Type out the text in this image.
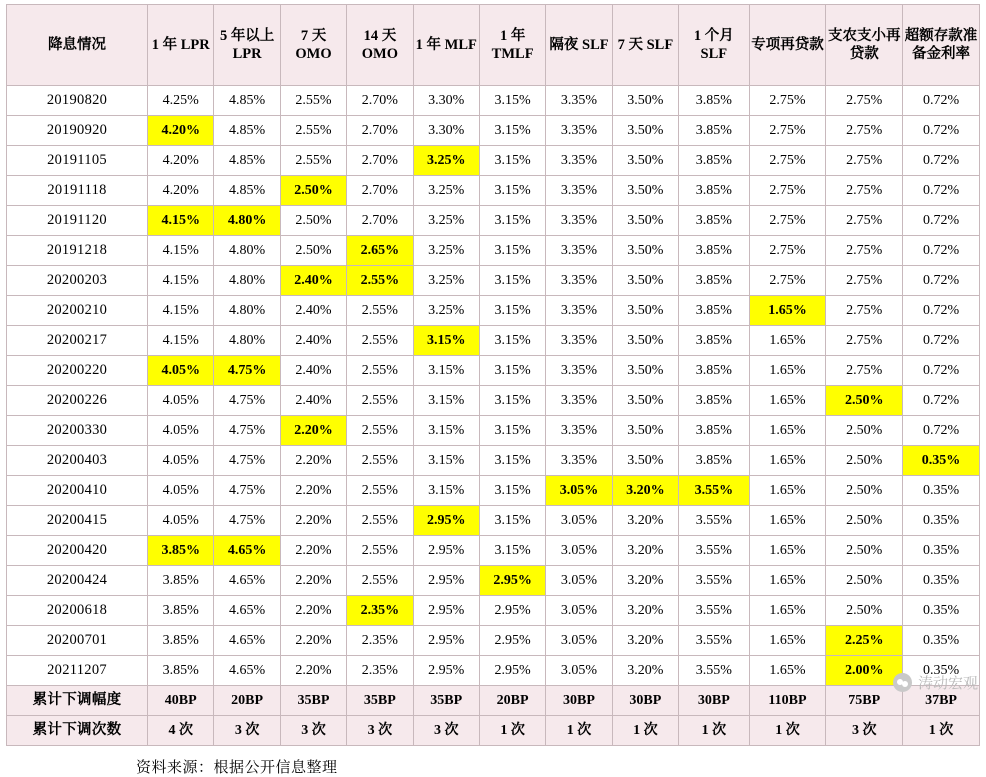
降息情况	1 年 LPR	5 年以上 LPR	7 天 OMO	14 天 OMO	1 年 MLF	1 年 TMLF	隔夜 SLF	7 天 SLF	1 个月 SLF	专项再贷款	支农支小再贷款	超额存款准备金利率
20190820	4.25%	4.85%	2.55%	2.70%	3.30%	3.15%	3.35%	3.50%	3.85%	2.75%	2.75%	0.72%
20190920	4.20%	4.85%	2.55%	2.70%	3.30%	3.15%	3.35%	3.50%	3.85%	2.75%	2.75%	0.72%
20191105	4.20%	4.85%	2.55%	2.70%	3.25%	3.15%	3.35%	3.50%	3.85%	2.75%	2.75%	0.72%
20191118	4.20%	4.85%	2.50%	2.70%	3.25%	3.15%	3.35%	3.50%	3.85%	2.75%	2.75%	0.72%
20191120	4.15%	4.80%	2.50%	2.70%	3.25%	3.15%	3.35%	3.50%	3.85%	2.75%	2.75%	0.72%
20191218	4.15%	4.80%	2.50%	2.65%	3.25%	3.15%	3.35%	3.50%	3.85%	2.75%	2.75%	0.72%
20200203	4.15%	4.80%	2.40%	2.55%	3.25%	3.15%	3.35%	3.50%	3.85%	2.75%	2.75%	0.72%
20200210	4.15%	4.80%	2.40%	2.55%	3.25%	3.15%	3.35%	3.50%	3.85%	1.65%	2.75%	0.72%
20200217	4.15%	4.80%	2.40%	2.55%	3.15%	3.15%	3.35%	3.50%	3.85%	1.65%	2.75%	0.72%
20200220	4.05%	4.75%	2.40%	2.55%	3.15%	3.15%	3.35%	3.50%	3.85%	1.65%	2.75%	0.72%
20200226	4.05%	4.75%	2.40%	2.55%	3.15%	3.15%	3.35%	3.50%	3.85%	1.65%	2.50%	0.72%
20200330	4.05%	4.75%	2.20%	2.55%	3.15%	3.15%	3.35%	3.50%	3.85%	1.65%	2.50%	0.72%
20200403	4.05%	4.75%	2.20%	2.55%	3.15%	3.15%	3.35%	3.50%	3.85%	1.65%	2.50%	0.35%
20200410	4.05%	4.75%	2.20%	2.55%	3.15%	3.15%	3.05%	3.20%	3.55%	1.65%	2.50%	0.35%
20200415	4.05%	4.75%	2.20%	2.55%	2.95%	3.15%	3.05%	3.20%	3.55%	1.65%	2.50%	0.35%
20200420	3.85%	4.65%	2.20%	2.55%	2.95%	3.15%	3.05%	3.20%	3.55%	1.65%	2.50%	0.35%
20200424	3.85%	4.65%	2.20%	2.55%	2.95%	2.95%	3.05%	3.20%	3.55%	1.65%	2.50%	0.35%
20200618	3.85%	4.65%	2.20%	2.35%	2.95%	2.95%	3.05%	3.20%	3.55%	1.65%	2.50%	0.35%
20200701	3.85%	4.65%	2.20%	2.35%	2.95%	2.95%	3.05%	3.20%	3.55%	1.65%	2.25%	0.35%
20211207	3.85%	4.65%	2.20%	2.35%	2.95%	2.95%	3.05%	3.20%	3.55%	1.65%	2.00%	0.35%
累计下调幅度	40BP	20BP	35BP	35BP	35BP	20BP	30BP	30BP	30BP	110BP	75BP	37BP
累计下调次数	4 次	3 次	3 次	3 次	3 次	1 次	1 次	1 次	1 次	1 次	3 次	1 次
资料来源：根据公开信息整理
涛动宏观
